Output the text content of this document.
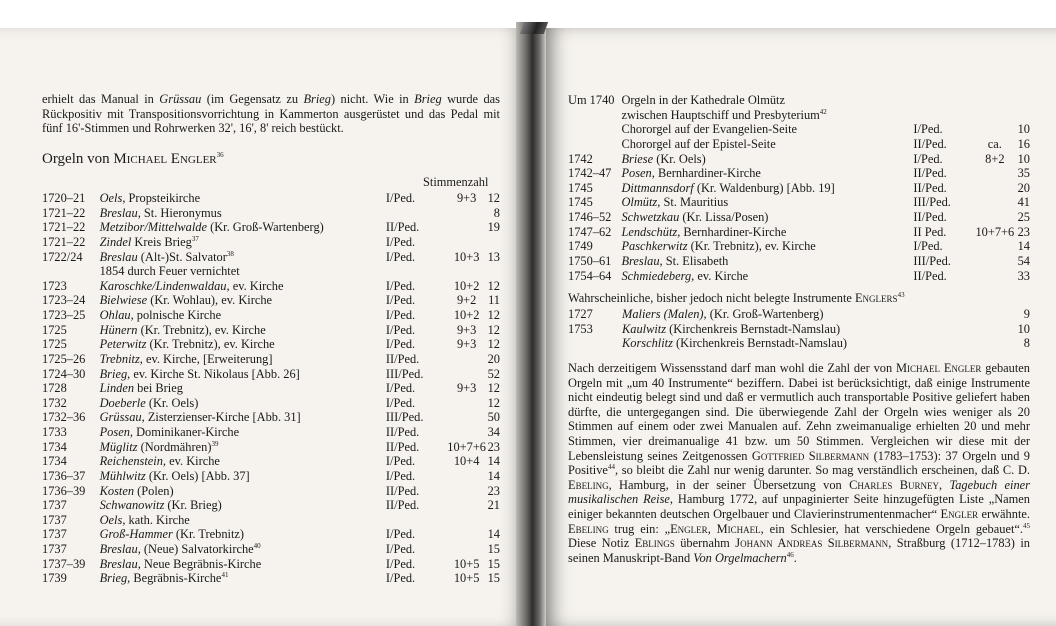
erhielt das Manual in Grüssau (im Gegensatz zu Brieg) nicht. Wie in Brieg wurde das Rückpositiv mit Transpositionsvorrichtung in Kammerton ausgerüstet und das Pedal mit fünf 16'-Stimmen und Rohrwerken 32', 16', 8' reich bestückt.
Orgeln von Michael Engler$^{36}$
Stimmenzahl
1720–21	Oels, Propsteikirche	I/Ped.	9+3	12
1721–22	Breslau, St. Hieronymus			8
1721–22	Metzibor/Mittelwalde (Kr. Groß-Wartenberg)	II/Ped.		19
1721–22	Zindel Kreis Brieg$^{37}$	I/Ped.		
1722/24	Breslau (Alt-)St. Salvator$^{38}$	I/Ped.	10+3	13
	1854 durch Feuer vernichtet			
1723	Karoschke/Lindenwaldau, ev. Kirche	I/Ped.	10+2	12
1723–24	Bielwiese (Kr. Wohlau), ev. Kirche	I/Ped.	9+2	11
1723–25	Ohlau, polnische Kirche	I/Ped.	10+2	12
1725	Hünern (Kr. Trebnitz), ev. Kirche	I/Ped.	9+3	12
1725	Peterwitz (Kr. Trebnitz), ev. Kirche	I/Ped.	9+3	12
1725–26	Trebnitz, ev. Kirche, [Erweiterung]	II/Ped.		20
1724–30	Brieg, ev. Kirche St. Nikolaus [Abb. 26]	III/Ped.		52
1728	Linden bei Brieg	I/Ped.	9+3	12
1732	Doeberle (Kr. Oels)	I/Ped.		12
1732–36	Grüssau, Zisterzienser-Kirche [Abb. 31]	III/Ped.		50
1733	Posen, Dominikaner-Kirche	II/Ped.		34
1734	Müglitz (Nordmähren)$^{39}$	II/Ped.	10+7+6	23
1734	Reichenstein, ev. Kirche	I/Ped.	10+4	14
1736–37	Mühlwitz (Kr. Oels) [Abb. 37]	I/Ped.		14
1736–39	Kosten (Polen)	II/Ped.		23
1737	Schwanowitz (Kr. Brieg)	II/Ped.		21
1737	Oels, kath. Kirche			
1737	Groß-Hammer (Kr. Trebnitz)	I/Ped.		14
1737	Breslau, (Neue) Salvatorkirche$^{40}$	I/Ped.		15
1737–39	Breslau, Neue Begräbnis-Kirche	I/Ped.	10+5	15
1739	Brieg, Begräbnis-Kirche$^{41}$	I/Ped.	10+5	15
Um 1740	Orgeln in der Kathedrale Olmütz			
	zwischen Hauptschiff und Presbyterium$^{42}$			
	Chororgel auf der Evangelien-Seite	I/Ped.		10
	Chororgel auf der Epistel-Seite	II/Ped.	ca.	16
1742	Briese (Kr. Oels)	I/Ped.	8+2	10
1742–47	Posen, Bernhardiner-Kirche	II/Ped.		35
1745	Dittmannsdorf (Kr. Waldenburg) [Abb. 19]	II/Ped.		20
1745	Olmütz, St. Mauritius	III/Ped.		41
1746–52	Schwetzkau (Kr. Lissa/Posen)	II/Ped.		25
1747–62	Lendschütz, Bernhardiner-Kirche	II Ped.	10+7+6	23
1749	Paschkerwitz (Kr. Trebnitz), ev. Kirche	I/Ped.		14
1750–61	Breslau, St. Elisabeth	III/Ped.		54
1754–64	Schmiedeberg, ev. Kirche	II/Ped.		33
Wahrscheinliche, bisher jedoch nicht belegte Instrumente Englers$^{43}$
1727	Maliers (Malen), (Kr. Groß-Wartenberg)	9
1753	Kaulwitz (Kirchenkreis Bernstadt-Namslau)	10
	Korschlitz (Kirchenkreis Bernstadt-Namslau)	8
Nach derzeitigem Wissensstand darf man wohl die Zahl der von Michael Engler gebauten Orgeln mit „um 40 Instrumente“ beziffern. Dabei ist berücksichtigt, daß einige Instrumente nicht eindeutig belegt sind und daß er vermutlich auch transportable Positive geliefert haben dürfte, die untergegangen sind. Die überwiegende Zahl der Orgeln wies weniger als 20 Stimmen auf einem oder zwei Manualen auf. Zehn zweimanualige erhielten 20 und mehr Stimmen, vier dreimanualige 41 bzw. um 50 Stimmen. Vergleichen wir diese mit der Lebensleistung seines Zeitgenossen Gottfried Silbermann (1783–1753): 37 Orgeln und 9 Positive$^{44}$, so bleibt die Zahl nur wenig darunter. So mag verständlich erscheinen, daß C. D. Ebeling, Hamburg, in der seiner Übersetzung von Charles Burney, Tagebuch einer musikalischen Reise, Hamburg 1772, auf unpaginierter Seite hinzugefügten Liste „Namen einiger bekannten deutschen Orgelbauer und Clavierinstrumentenmacher“ Engler erwähnte. Ebeling trug ein: „Engler, Michael, ein Schlesier, hat verschiedene Orgeln gebauet“.$^{45}$ Diese Notiz Eblings übernahm Johann Andreas Silbermann, Straßburg (1712–1783) in seinen Manuskript-Band Von Orgelmachern$^{46}$.
